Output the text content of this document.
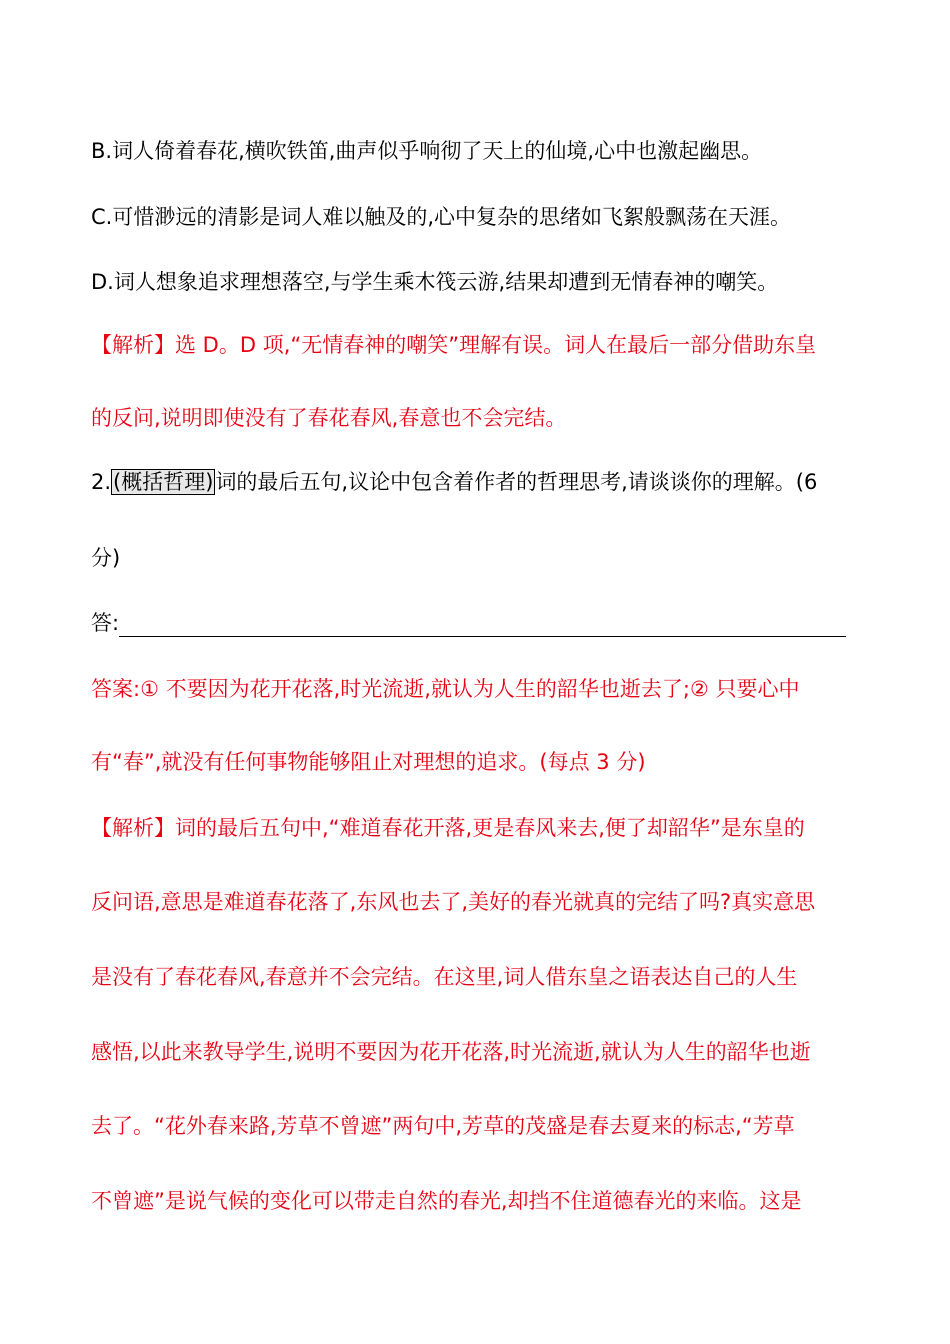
B.词人倚着春花,横吹铁笛,曲声似乎响彻了天上的仙境,心中也激起幽思。
C.可惜渺远的清影是词人难以触及的,心中复杂的思绪如飞絮般飘荡在天涯。
D.词人想象追求理想落空,与学生乘木筏云游,结果却遭到无情春神的嘲笑。
【解析】选 D。D 项,“无情春神的嘲笑”理解有误。词人在最后一部分借助东皇
的反问,说明即使没有了春花春风,春意也不会完结。
2.(概括哲理)词的最后五句,议论中包含着作者的哲理思考,请谈谈你的理解。(6
分)
答:
答案:① 不要因为花开花落,时光流逝,就认为人生的韶华也逝去了;② 只要心中
有“春”,就没有任何事物能够阻止对理想的追求。(每点 3 分)
【解析】词的最后五句中,“难道春花开落,更是春风来去,便了却韶华”是东皇的
反问语,意思是难道春花落了,东风也去了,美好的春光就真的完结了吗?真实意思
是没有了春花春风,春意并不会完结。在这里,词人借东皇之语表达自己的人生
感悟,以此来教导学生,说明不要因为花开花落,时光流逝,就认为人生的韶华也逝
去了。“花外春来路,芳草不曾遮”两句中,芳草的茂盛是春去夏来的标志,“芳草
不曾遮”是说气候的变化可以带走自然的春光,却挡不住道德春光的来临。这是
